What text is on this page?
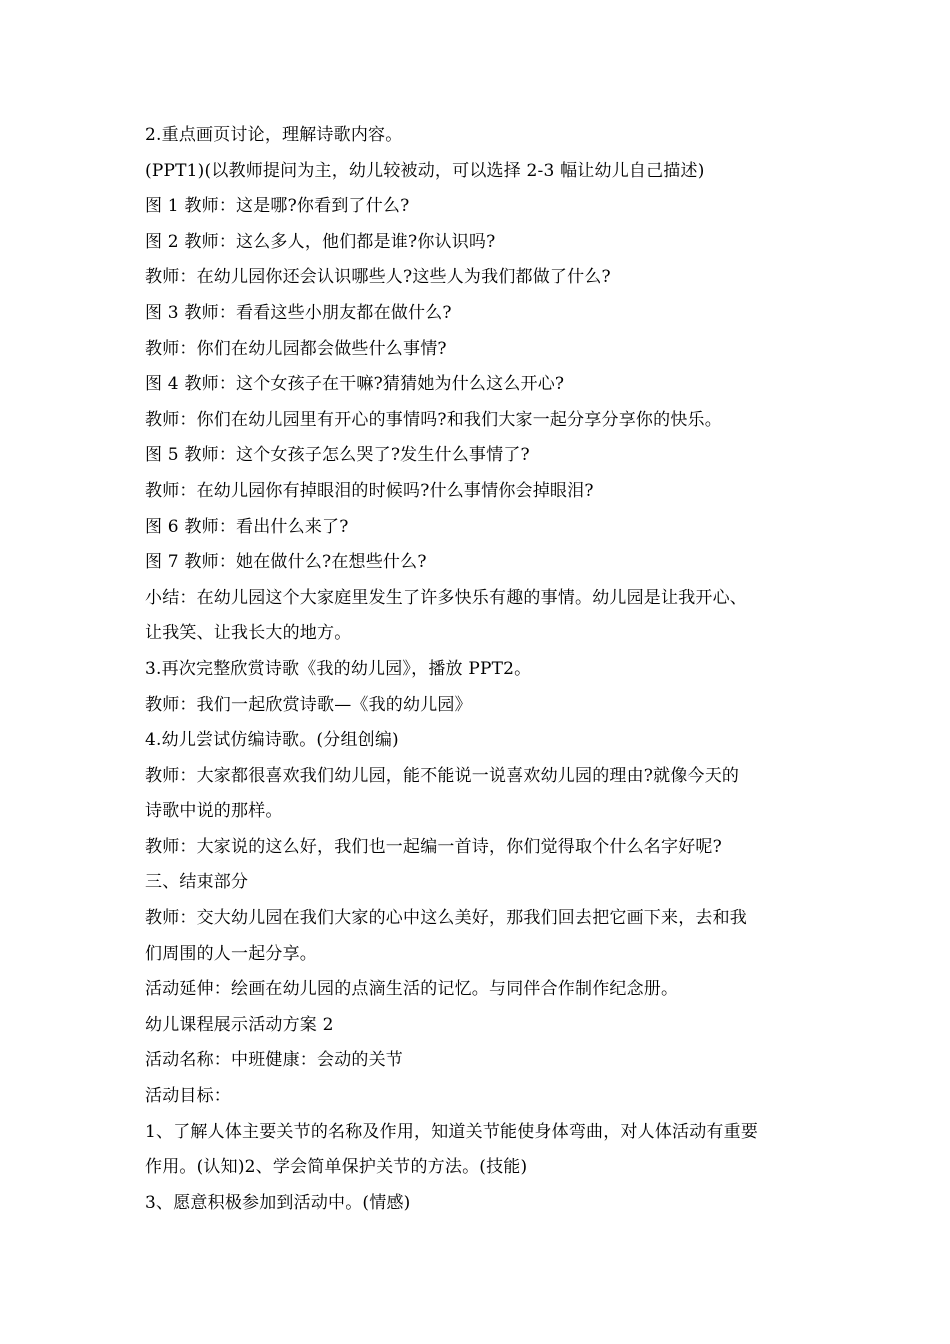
2.重点画页讨论，理解诗歌内容。
(PPT1)(以教师提问为主，幼儿较被动，可以选择 2-3 幅让幼儿自己描述)
图 1 教师：这是哪?你看到了什么?
图 2 教师：这么多人，他们都是谁?你认识吗?
教师：在幼儿园你还会认识哪些人?这些人为我们都做了什么?
图 3 教师：看看这些小朋友都在做什么?
教师：你们在幼儿园都会做些什么事情?
图 4 教师：这个女孩子在干嘛?猜猜她为什么这么开心?
教师：你们在幼儿园里有开心的事情吗?和我们大家一起分享分享你的快乐。
图 5 教师：这个女孩子怎么哭了?发生什么事情了?
教师：在幼儿园你有掉眼泪的时候吗?什么事情你会掉眼泪?
图 6 教师：看出什么来了?
图 7 教师：她在做什么?在想些什么?
小结：在幼儿园这个大家庭里发生了许多快乐有趣的事情。幼儿园是让我开心、
让我笑、让我长大的地方。
3.再次完整欣赏诗歌《我的幼儿园》，播放 PPT2。
教师：我们一起欣赏诗歌—《我的幼儿园》
4.幼儿尝试仿编诗歌。(分组创编)
教师：大家都很喜欢我们幼儿园，能不能说一说喜欢幼儿园的理由?就像今天的
诗歌中说的那样。
教师：大家说的这么好，我们也一起编一首诗，你们觉得取个什么名字好呢?
三、结束部分
教师：交大幼儿园在我们大家的心中这么美好，那我们回去把它画下来，去和我
们周围的人一起分享。
活动延伸：绘画在幼儿园的点滴生活的记忆。与同伴合作制作纪念册。
幼儿课程展示活动方案 2
活动名称：中班健康：会动的关节
活动目标：
1、了解人体主要关节的名称及作用，知道关节能使身体弯曲，对人体活动有重要
作用。(认知)2、学会简单保护关节的方法。(技能)
3、愿意积极参加到活动中。(情感)
